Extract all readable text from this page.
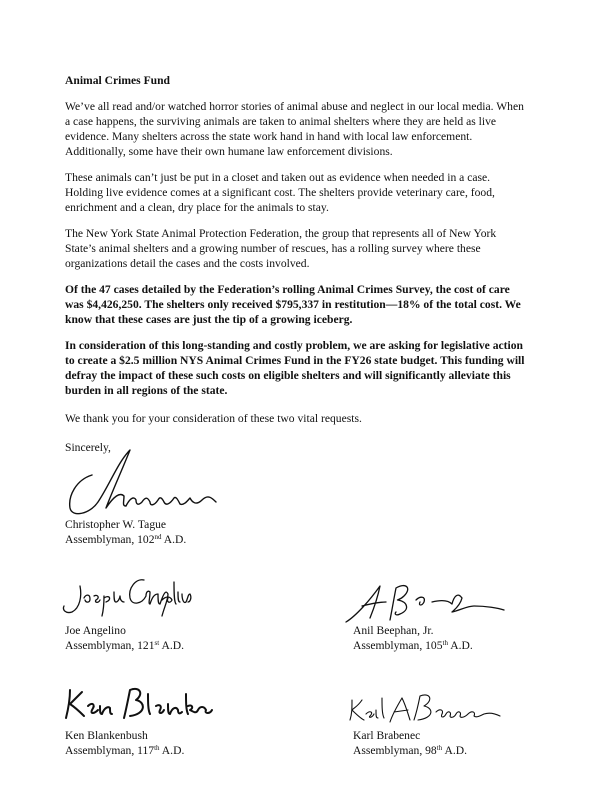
Animal Crimes Fund
We’ve all read and/or watched horror stories of animal abuse and neglect in our local media. When
a case happens, the surviving animals are taken to animal shelters where they are held as live
evidence. Many shelters across the state work hand in hand with local law enforcement.
Additionally, some have their own humane law enforcement divisions.
These animals can’t just be put in a closet and taken out as evidence when needed in a case.
Holding live evidence comes at a significant cost. The shelters provide veterinary care, food,
enrichment and a clean, dry place for the animals to stay.
The New York State Animal Protection Federation, the group that represents all of New York
State’s animal shelters and a growing number of rescues, has a rolling survey where these
organizations detail the cases and the costs involved.
Of the 47 cases detailed by the Federation’s rolling Animal Crimes Survey, the cost of care
was $4,426,250. The shelters only received $795,337 in restitution—18% of the total cost. We
know that these cases are just the tip of a growing iceberg.
In consideration of this long-standing and costly problem, we are asking for legislative action
to create a $2.5 million NYS Animal Crimes Fund in the FY26 state budget. This funding will
defray the impact of these such costs on eligible shelters and will significantly alleviate this
burden in all regions of the state.
We thank you for your consideration of these two vital requests.
Sincerely,
Christopher W. Tague
Assemblyman, 102nd A.D.
Joe Angelino
Assemblyman, 121st A.D.
Anil Beephan, Jr.
Assemblyman, 105th A.D.
Ken Blankenbush
Assemblyman, 117th A.D.
Karl Brabenec
Assemblyman, 98th A.D.
